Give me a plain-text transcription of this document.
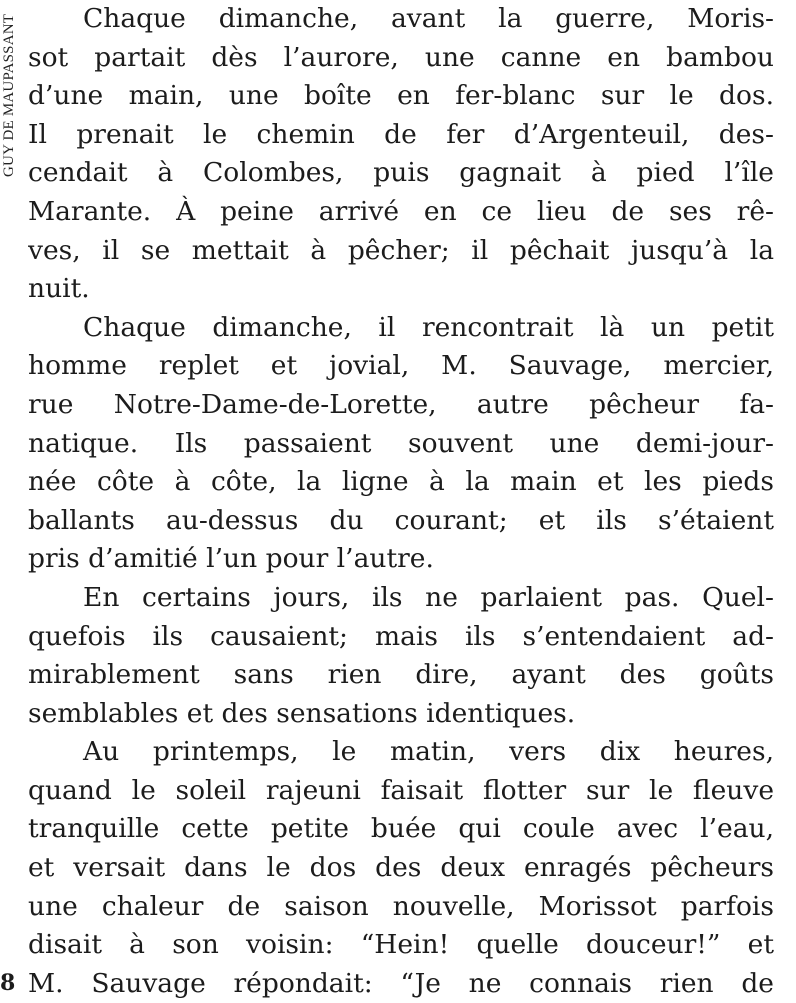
GUY DE MAUPASSANT	Chaque dimanche, avant la guerre, Moris-
sot partait dès l’aurore, une canne en bambou
d’une main, une boîte en fer-blanc sur le dos.
Il prenait le chemin de fer d’Argenteuil, des-
cendait à Colombes, puis gagnait à pied l’île
Marante. À peine arrivé en ce lieu de ses rê-
ves, il se mettait à pêcher; il pêchait jusqu’à la
nuit.
Chaque dimanche, il rencontrait là un petit
homme replet et jovial, M. Sauvage, mercier,
rue Notre-Dame-de-Lorette, autre pêcheur fa-
natique. Ils passaient souvent une demi-jour-
née côte à côte, la ligne à la main et les pieds
ballants au-dessus du courant; et ils s’étaient
pris d’amitié l’un pour l’autre.
En certains jours, ils ne parlaient pas. Quel-
quefois ils causaient; mais ils s’entendaient ad-
mirablement sans rien dire, ayant des goûts
semblables et des sensations identiques.
Au printemps, le matin, vers dix heures,
quand le soleil rajeuni faisait flotter sur le fleuve
tranquille cette petite buée qui coule avec l’eau,
et versait dans le dos des deux enragés pêcheurs
une chaleur de saison nouvelle, Morissot parfois
disait à son voisin: “Hein! quelle douceur!” et
M. Sauvage répondait: “Je ne connais rien de
8
